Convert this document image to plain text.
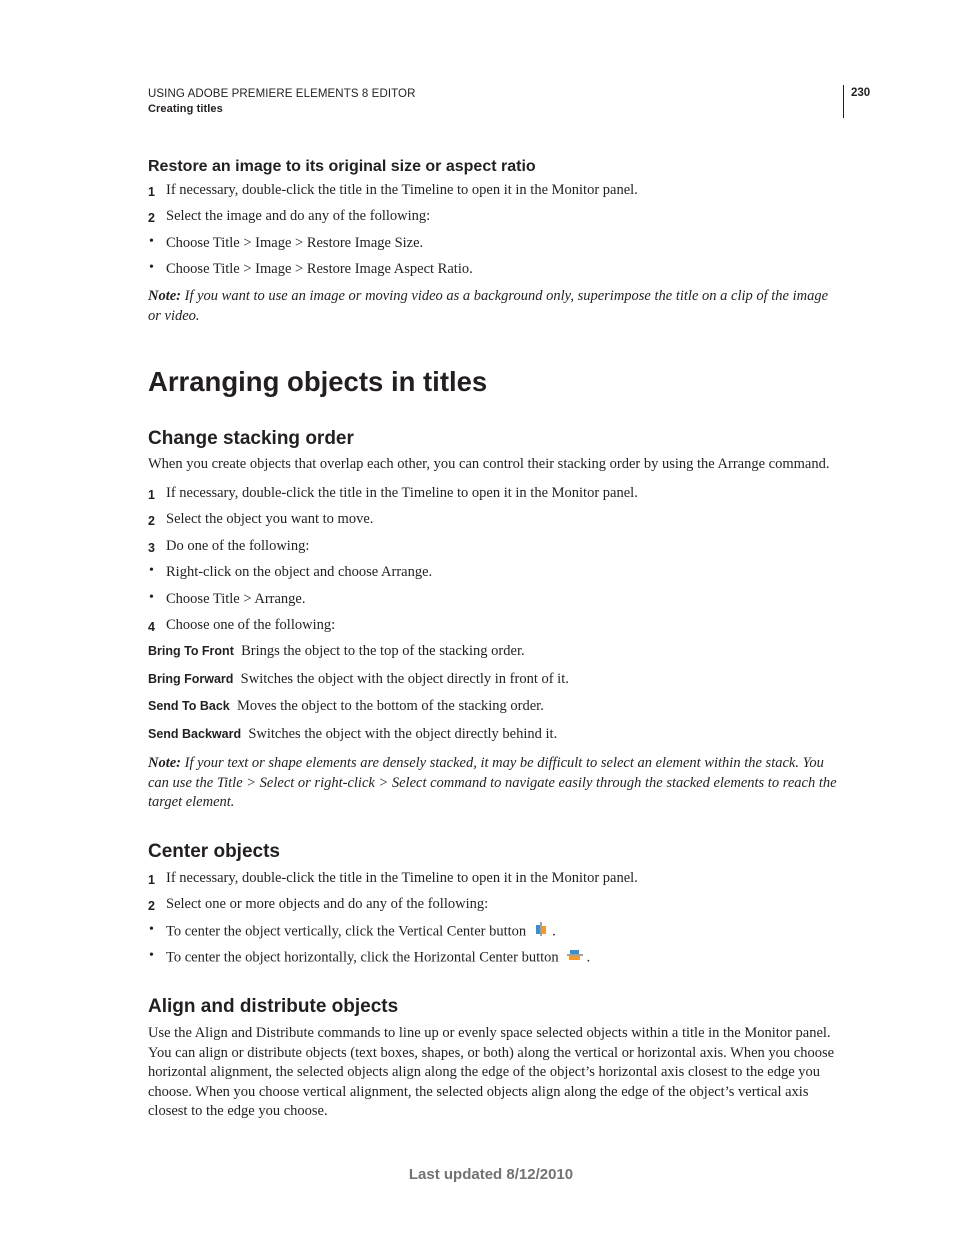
USING ADOBE PREMIERE ELEMENTS 8 EDITOR
Creating titles
230
Restore an image to its original size or aspect ratio
1 If necessary, double-click the title in the Timeline to open it in the Monitor panel.
2 Select the image and do any of the following:
• Choose Title > Image > Restore Image Size.
• Choose Title > Image > Restore Image Aspect Ratio.
Note: If you want to use an image or moving video as a background only, superimpose the title on a clip of the image or video.
Arranging objects in titles
Change stacking order
When you create objects that overlap each other, you can control their stacking order by using the Arrange command.
1 If necessary, double-click the title in the Timeline to open it in the Monitor panel.
2 Select the object you want to move.
3 Do one of the following:
• Right-click on the object and choose Arrange.
• Choose Title > Arrange.
4 Choose one of the following:
Bring To Front Brings the object to the top of the stacking order.
Bring Forward Switches the object with the object directly in front of it.
Send To Back Moves the object to the bottom of the stacking order.
Send Backward Switches the object with the object directly behind it.
Note: If your text or shape elements are densely stacked, it may be difficult to select an element within the stack. You can use the Title > Select or right-click > Select command to navigate easily through the stacked elements to reach the target element.
Center objects
1 If necessary, double-click the title in the Timeline to open it in the Monitor panel.
2 Select one or more objects and do any of the following:
• To center the object vertically, click the Vertical Center button .
• To center the object horizontally, click the Horizontal Center button .
Align and distribute objects
Use the Align and Distribute commands to line up or evenly space selected objects within a title in the Monitor panel. You can align or distribute objects (text boxes, shapes, or both) along the vertical or horizontal axis. When you choose horizontal alignment, the selected objects align along the edge of the object’s horizontal axis closest to the edge you choose. When you choose vertical alignment, the selected objects align along the edge of the object’s vertical axis closest to the edge you choose.
Last updated 8/12/2010
